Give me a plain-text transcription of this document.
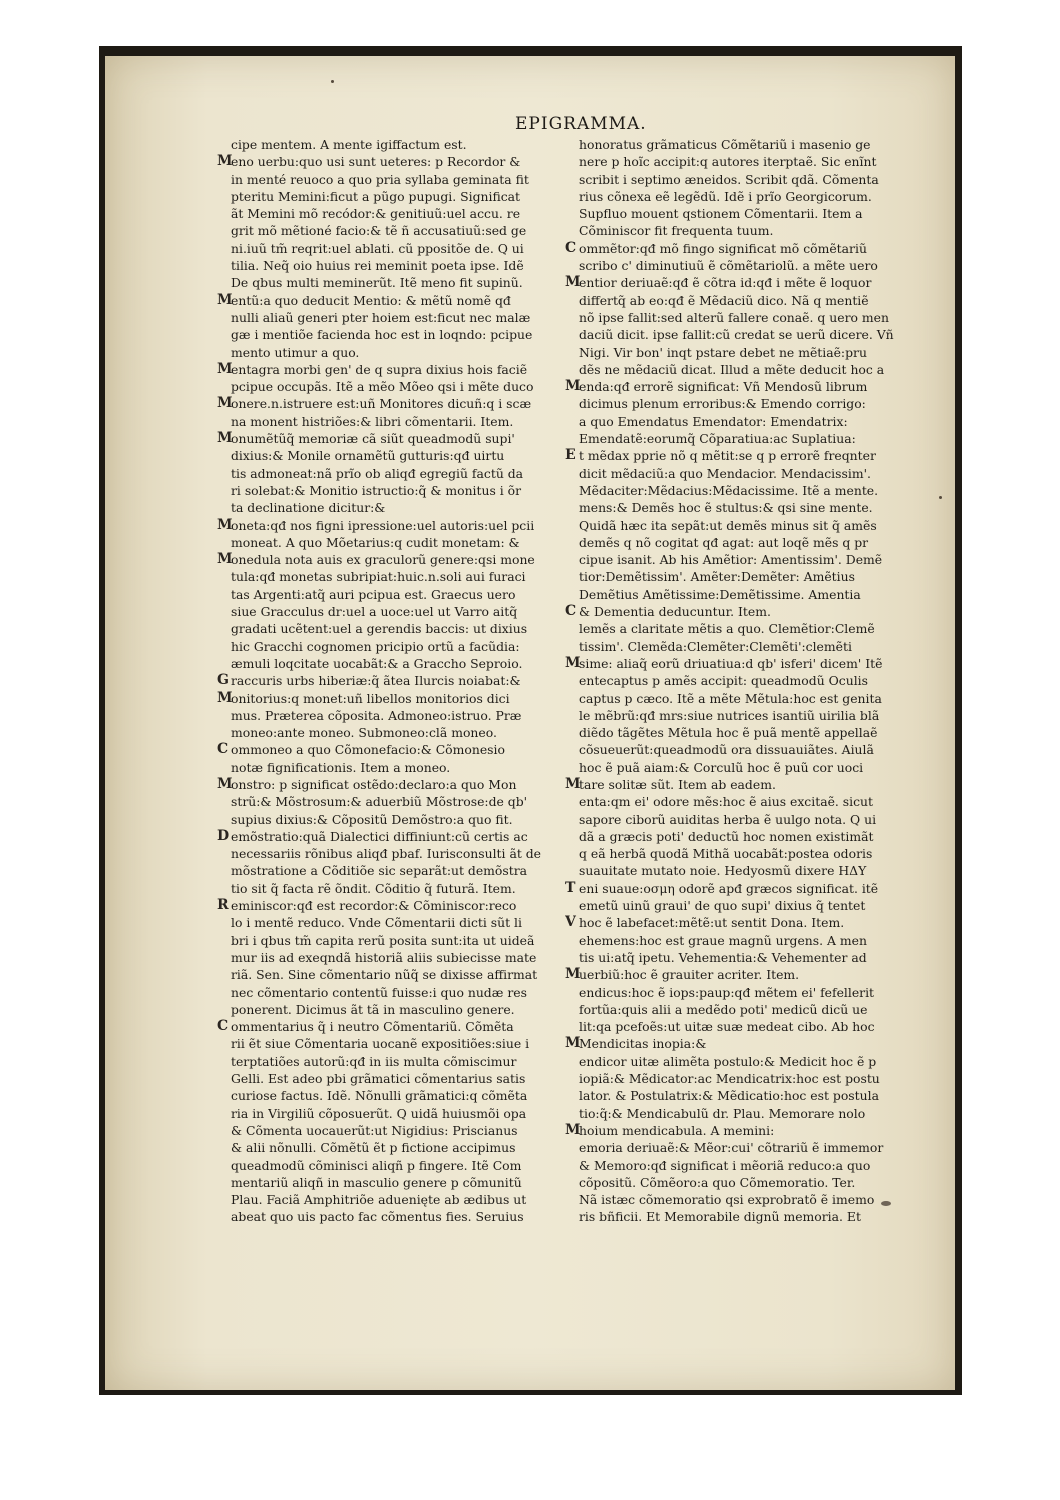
EPIGRAMMA.

cipe mentem. A mente igiffactum est.

M

eno uerbu:quo usi sunt ueteres: p Recordor &

in menté reuoco a quo pria syllaba geminata fit

pteritu Memini:ficut a pũgo pupugi. Significat

ãt Memini mõ recódor:& genitiuũ:uel accu. re

grit mõ mẽtioné facio:& tẽ ñ accusatiuũ:sed ge

ni.iuũ tm̃ reqrit:uel ablati. cũ ppositõe de. Q ui

tilia. Neq̃ oio huius rei meminit poeta ipse. Idẽ

De qbus multi meminerũt. Itẽ meno fit supinũ.

M

entũ:a quo deducit Mentio: & mẽtũ nomẽ qđ

nulli aliaũ generi pter hoiem est:ficut nec malæ

gæ i mentiõe facienda hoc est in loqndo: pcipue

mento utimur a quo.

M

entagra morbi gen' de q supra dixius hois faciẽ

pcipue occupãs. Itẽ a mẽo Mõeo qsi i mẽte duco

M

onere.n.istruere est:uñ Monitores dicuñ:q i scæ

na monent histriões:& libri cõmentarii. Item.

M

onumẽtũq̃ memoriæ cã siũt queadmodũ supi'

dixius:& Monile ornamẽtũ gutturis:qđ uirtu

tis admoneat:nã prĩo ob aliqđ egregiũ factũ da

ri solebat:& Monitio istructio:q̃ & monitus i õr

ta declinatione dicitur:&

M

oneta:qđ nos figni ipressione:uel autoris:uel pcii

moneat. A quo Mõetarius:q cudit monetam: &

M

onedula nota auis ex graculorũ genere:qsi mone

tula:qđ monetas subripiat:huic.n.soli aui furaci

tas Argenti:atq̃ auri pcipua est. Graecus uero

siue Gracculus dr:uel a uoce:uel ut Varro aitq̃

gradati ucẽtent:uel a gerendis baccis: ut dixius

hic Gracchi cognomen pricipio ortũ a facũdia:

æmuli loqcitate uocabãt:& a Graccho Seproio.

G raccuris urbs hiberiæ:q̃ ãtea Ilurcis noiabat:&

M

onitorius:q monet:uñ libellos monitorios dici

mus. Præterea cõposita. Admoneo:istruo. Præ

moneo:ante moneo. Submoneo:clã moneo.

C ommoneo a quo Cõmonefacio:& Cõmonesio

notæ fignificationis. Item a moneo.

M

onstro: p significat ostẽdo:declaro:a quo Mon

strũ:& Mõstrosum:& aduerbiũ Mõstrose:de qb'

supius dixius:& Cõpositũ Demõstro:a quo fit.

D emõstratio:quã Dialectici diffiniunt:cũ certis ac

necessariis rõnibus aliqđ pbaf. Iurisconsulti ãt de

mõstratione a Cõditiõe sic separãt:ut demõstra

tio sit q̃ facta rẽ õndit. Cõditio q̃ futurã. Item.

R eminiscor:qđ est recordor:& Cõminiscor:reco

lo i mentẽ reduco. Vnde Cõmentarii dicti sũt li

bri i qbus tm̃ capita rerũ posita sunt:ita ut uideã

mur iis ad exeqndã historiã aliis subiecisse mate

riã. Sen. Sine cõmentario nũq̃ se dixisse affirmat

nec cõmentario contentũ fuisse:i quo nudæ res

ponerent. Dicimus ãt tã in masculino genere.

C ommentarius q̃ i neutro Cõmentariũ. Cõmẽta

rii ẽt siue Cõmentaria uocanẽ expositiões:siue i

terptatiões autorũ:qđ in iis multa cõmiscimur

Gelli. Est adeo pbi grãmatici cõmentarius satis

curiose factus. Idẽ. Nõnulli grãmatici:q cõmẽta

ria in Virgiliũ cõposuerũt. Q uidã huiusmõi opa

& Cõmenta uocauerũt:ut Nigidius: Priscianus

& alii nõnulli. Cõmẽtũ ẽt p fictione accipimus

queadmodũ cõminisci aliqñ p fingere. Itẽ Com

mentariũ aliqñ in masculio genere p cõmunitũ

Plau. Faciã Amphitriõe aduenięte ab ædibus ut

abeat quo uis pacto fac cõmentus fies. Seruius

honoratus grãmaticus Cõmẽtariũ i masenio ge

nere p hoĩc accipit:q autores iterptaẽ. Sic enĩnt

scribit i septimo æneidos. Scribit qdã. Cõmenta

rius cõnexa eẽ legẽdũ. Idẽ i prĩo Georgicorum.

Supfluo mouent qstionem Cõmentarii. Item a

Cõminiscor fit frequenta tuum.

C ommẽtor:qđ mõ fingo significat mõ cõmẽtariũ

scribo c' diminutiuũ ẽ cõmẽtariolũ. a mẽte uero

M

entior deriuaẽ:qđ ẽ cõtra id:qđ i mẽte ẽ loquor

differtq̃ ab eo:qđ ẽ Mẽdaciũ dico. Nã q mentiẽ

nõ ipse fallit:sed alterũ fallere conaẽ. q uero men

daciũ dicit. ipse fallit:cũ credat se uerũ dicere. Vñ

Nigi. Vir bon' inqt pstare debet ne mẽtiaẽ:pru

dẽs ne mẽdaciũ dicat. Illud a mẽte deducit hoc a

M

enda:qđ errorẽ significat: Vñ Mendosũ librum

dicimus plenum erroribus:& Emendo corrigo:

a quo Emendatus Emendator: Emendatrix:

Emendatẽ:eorumq̃ Cõparatiua:ac Suplatiua:

E t mẽdax pprie nõ q mẽtit:se q p errorẽ freqnter

dicit mẽdaciũ:a quo Mendacior. Mendacissim'.

Mẽdaciter:Mẽdacius:Mẽdacissime. Itẽ a mente.

mens:& Demẽs hoc ẽ stultus:& qsi sine mente.

Quidã hæc ita sepãt:ut demẽs minus sit q̃ amẽs

demẽs q nõ cogitat qđ agat: aut loqẽ mẽs q pr

cipue isanit. Ab his Amẽtior: Amentissim'. Demẽ

tior:Demẽtissim'. Amẽter:Demẽter: Amẽtius

Demẽtius Amẽtissime:Demẽtissime. Amentia

C & Dementia deducuntur. Item.

lemẽs a claritate mẽtis a quo. Clemẽtior:Clemẽ

tissim'. Clemẽda:Clemẽter:Clemẽti':clemẽti

M

sime: aliaq̃ eorũ driuatiua:d qb' isferi' dicem' Itẽ

entecaptus p amẽs accipit: queadmodũ Oculis

captus p cæco. Itẽ a mẽte Mẽtula:hoc est genita

le mẽbrũ:qđ mrs:siue nutrices isantiũ uirilia blã

diẽdo tãgẽtes Mẽtula hoc ẽ puã mentẽ appellaẽ

cõsueuerũt:queadmodũ ora dissuauiãtes. Aiulã

hoc ẽ puã aiam:& Corculũ hoc ẽ puũ cor uoci

M

tare solitæ sũt. Item ab eadem.

enta:qm ei' odore mẽs:hoc ẽ aius excitaẽ. sicut

sapore ciborũ auiditas herba ẽ uulgo nota. Q ui

dã a græcis poti' deductũ hoc nomen existimãt

q eã herbã quodã Mithã uocabãt:postea odoris

suauitate mutato noie. Hedyosmũ dixere ΗΔΥ

T eni suaue:οσμη odorẽ apđ græcos significat. itẽ

emetũ uinũ graui' de quo supi' dixius q̃ tentet

V hoc ẽ labefacet:mẽtẽ:ut sentit Dona. Item.

ehemens:hoc est graue magnũ urgens. A men

tis ui:atq̃ ipetu. Vehementia:& Vehementer ad

M

uerbiũ:hoc ẽ grauiter acriter. Item.

endicus:hoc ẽ iops:paup:qđ mẽtem ei' fefellerit

fortũa:quis alii a medẽdo poti' medicũ dicũ ue

lit:qa pcefoẽs:ut uitæ suæ medeat cibo. Ab hoc

M

Mendicitas inopia:&

endicor uitæ alimẽta postulo:& Medicit hoc ẽ p

iopiã:& Mẽdicator:ac Mendicatrix:hoc est postu

lator. & Postulatrix:& Mẽdicatio:hoc est postula

tio:q̃:& Mendicabulũ dr. Plau. Memorare nolo

M

hoium mendicabula. A memini:

emoria deriuaẽ:& Mẽor:cui' cõtrariũ ẽ immemor

& Memoro:qđ significat i mẽoriã reduco:a quo

cõpositũ. Cõmẽoro:a quo Cõmemoratio. Ter.

Nã istæc cõmemoratio qsi exprobratõ ẽ imemo

ris bñficii. Et Memorabile dignũ memoria. Et
